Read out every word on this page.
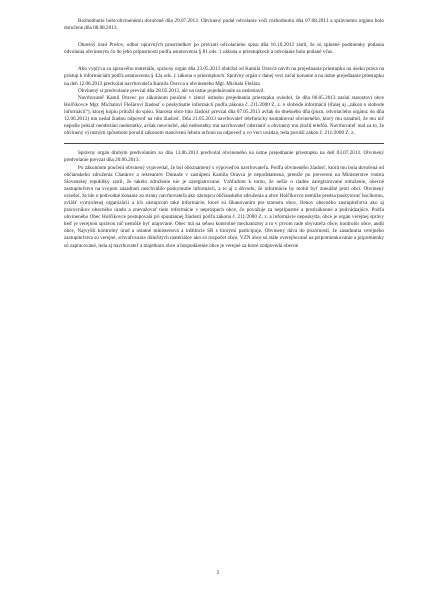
Rozhodnutie bolo obvinenému doručené dňa 29.07.2013. Obvinený podal odvolanie voči rozhodnutiu dňa 07.08.2013 a správnemu orgánu bolo doručené dňa 08.08.2013.

Okresný úrad Prešov, odbor opravných prostriedkov po prevzatí odvolacieho spisu dňa 16.10.2013 zistil, že sú splnené podmienky podania odvolania obvineným čo do jeho prípustnosti podľa ustanovenia § 81 ods. 1 zákona o priestupkoch a odvolanie bolo podané včas.

Ako vyplýva zo spisového materiálu, správny orgán dňa 23.05.2013 obdržal od Kamila Oravca návrh na prejednanie priestupku na úseku práva na prístup k informáciám podľa ustanovenia § 42a ods. 1 zákona o priestupkoch. Správny orgán v danej veci začal konanie a na ústne prejednanie priestupku na deň 12.06.2013 predvolal navrhovateľa Kamila Oravca a obvineného Mgr. Michala Flešára.

Obvinený si predvolanie prevzal dňa 28.05.2013, ale na ústne pojednávanie sa nedostavil.

Navrhovateľ Kamil Oravec po zákonnom poučení v rámci ústneho prejednania priestupku uviedol, že dňa 06.05.2013 zaslal starostovi obce Holčíkovce Mgr. Michalovi Flešárovi žiadosť o poskytnutie informácií podľa zákona č. 211/2000 Z. z. o slobode informácií (ďalej aj „zákon o slobode informácií“), ktorej kópiu priložil do spisu. Starosta obce túto žiadosť prevzal dňa 07.05.2013 avšak do dnešného dňa (pozn. odvolacieho orgánu: do dňa 12.06.2013) mu nedal žiadnu odpoveď na túto žiadosť. Dňa 21.05.2013 navrhovateľ telefonicky kontaktoval obvineného, ktorý mu oznámil, že mu nič nepošle pokiaľ neodstráni nedostatky, avšak neuviedol, aké nedostatky má navrhovateľ odstrániť a obvinený mu zložil telefón. Navrhovateľ mal za to, že obvinený výrazným spôsobom porušil zákonom stanovenú lehotu určenú na odpoveď a vo veci uvádza, teda porušil zákon č. 211/2000 Z. z.

Správny orgán druhým predvolaním zo dňa 13.06.2013 predvolal obvineného na ústne prejednanie priestupku na deň 03.07.2013. Obvinený predvolanie prevzal dňa 20.06.2013.

Po zákonnom poučení obvinený vypovedal, že bol oboznámený s výpoveďou navrhovateľa. Podľa obvineného žiadosť, ktorá mu bola doručená od občianskeho združenia Chatárov a rekreantov Domaše v zastúpení Kamila Oravca je nepodstatnená, pretože po preverení na Ministerstve vnútra Slovenskej republiky zistil, že takéto združenie nie je zaregistrované. Vzhľadom k tomu, že nešlo o riadne zaregistrované združenie, obecné zastupiteľstvo na svojom zasadnutí neschválilo poskytnutie informácií, a to aj z dôvodu, že informácie by mohli byť zneužité proti obci. Obvinený uviedol, že ide o podvodné konanie zo strany navrhovateľa ako zástupcu občianskeho združenia a obce Holčíkovce nemôže predsa poskytovať hocikomu, zvlášť vymyslenej organizácii a ich zástupcom také informácie, ktoré sú šikanovaním pre starostu obce, členov obecného zastupiteľstva ako aj pracovníkov obecného úradu a znevažovať tieto informácie v neprospech obce, čo považuje za neprípustné a protizákonné a podvádzajúce. Podľa obvineného Obec Holčíkovce postupovala pri spontánnej žiadosti podľa zákona č. 211/2000 Z. z. a informácie neposkytla, obce je orgán verejnej správy keď je verejnou správou nič nemôže byť utajované. Obec má na sebou kontrolné mechanizmy a to v prvom rade obyvateľa obce, kontrolór obce, audit obce, Najvyšší kontrolný úrad a ostatné ministerstvá a inštitúcie SR s ktorými participuje. Obvinený dáva do pozornosti, že zasadnutia verejného zastupiteľstva sú verejné, schvaľovanie dôležitých materiálov ako sú rozpočet obce, VZN obce sú stále zverejňované na pripomienkovanie a pripomienky sú zapracované, teda aj navrhovateľ a majetkom obce a hospodárenie obce je verejné za ktoré zodpovedá obecné

2
